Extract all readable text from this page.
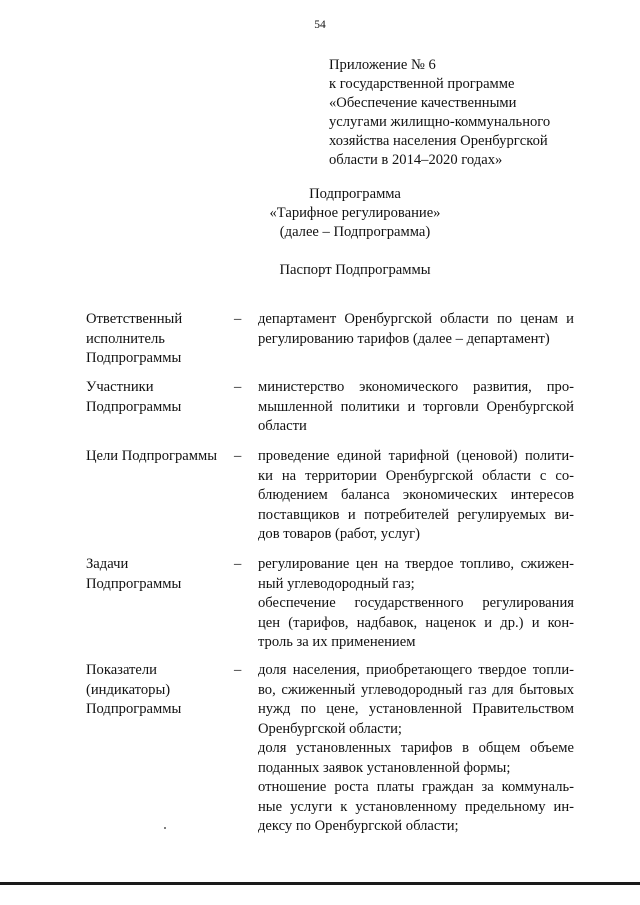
54
Приложение № 6
к государственной программе
«Обеспечение качественными
услугами жилищно-коммунального
хозяйства населения Оренбургской
области в 2014–2020 годах»
Подпрограмма
«Тарифное регулирование»
(далее – Подпрограмма)
Паспорт Подпрограммы
Ответственный
исполнитель
Подпрограммы
– департамент Оренбургской области по ценам и
регулированию тарифов (далее – департамент)
Участники
Подпрограммы
– министерство экономического развития, про-
мышленной политики и торговли Оренбургской
области
Цели Подпрограммы	– проведение единой тарифной (ценовой) полити-
ки на территории Оренбургской области с со-
блюдением баланса экономических интересов
поставщиков и потребителей регулируемых ви-
дов товаров (работ, услуг)
Задачи
Подпрограммы
– регулирование цен на твердое топливо, сжижен-
ный углеводородный газ;
обеспечение государственного регулирования
цен (тарифов, надбавок, наценок и др.) и кон-
троль за их применением
Показатели
(индикаторы)
Подпрограммы
– доля населения, приобретающего твердое топли-
во, сжиженный углеводородный газ для бытовых
нужд по цене, установленной Правительством
Оренбургской области;
доля установленных тарифов в общем объеме
поданных заявок установленной формы;
отношение роста платы граждан за коммуналь-
ные услуги к установленному предельному ин-
дексу по Оренбургской области;
